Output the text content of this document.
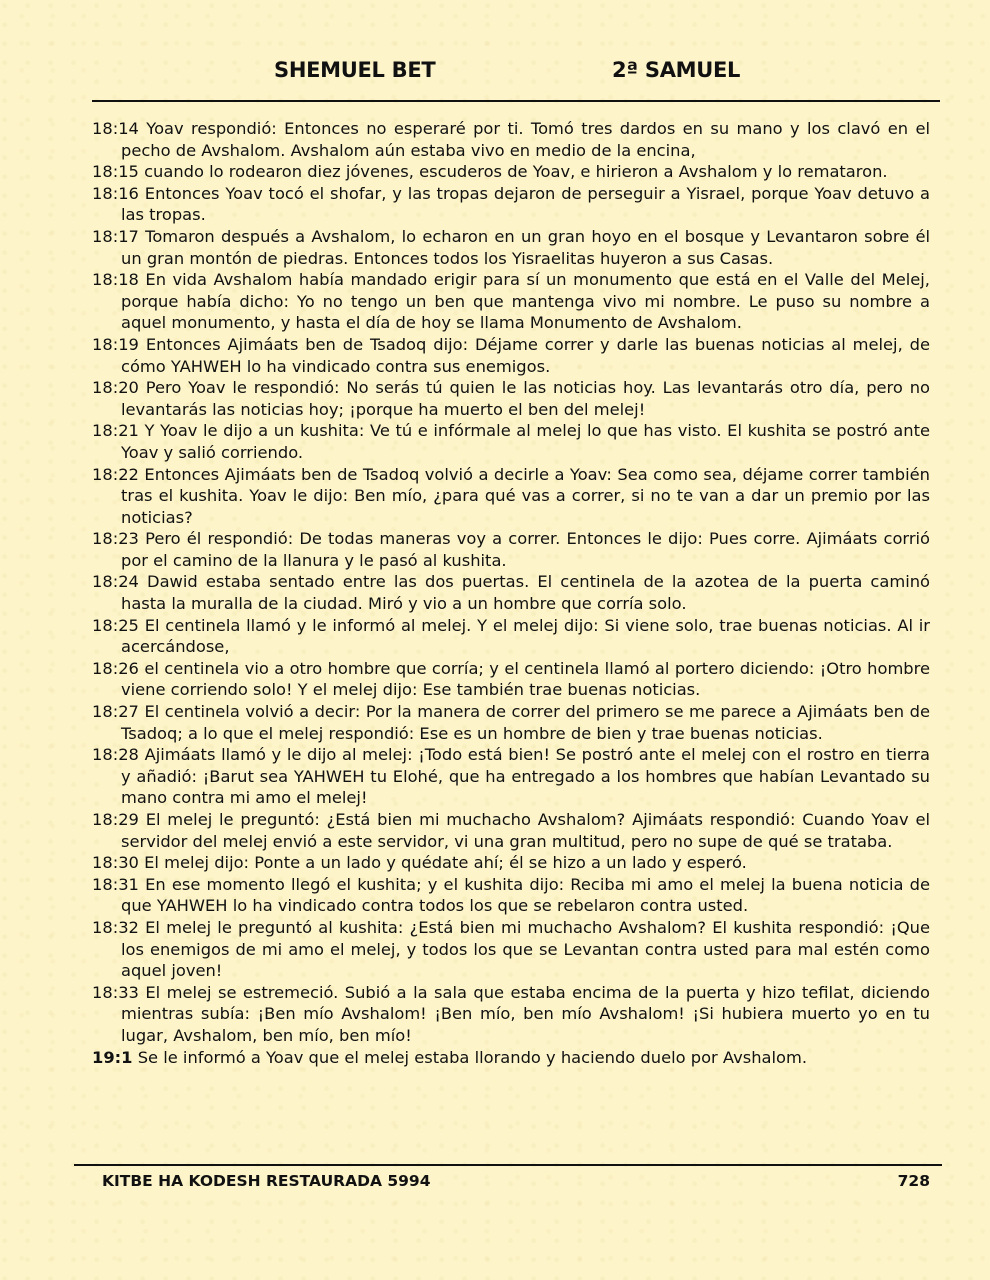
SHEMUEL BET	2ª SAMUEL

18:14 Yoav respondió: Entonces no esperaré por ti. Tomó tres dardos en su mano y los clavó en el pecho de Avshalom. Avshalom aún estaba vivo en medio de la encina,

18:15 cuando lo rodearon diez jóvenes, escuderos de Yoav, e hirieron a Avshalom y lo remataron.

18:16 Entonces Yoav tocó el shofar, y las tropas dejaron de perseguir a Yisrael, porque Yoav detuvo a las tropas.

18:17 Tomaron después a Avshalom, lo echaron en un gran hoyo en el bosque y Levantaron sobre él un gran montón de piedras. Entonces todos los Yisraelitas huyeron a sus Casas.

18:18 En vida Avshalom había mandado erigir para sí un monumento que está en el Valle del Melej, porque había dicho: Yo no tengo un ben que mantenga vivo mi nombre. Le puso su nombre a aquel monumento, y hasta el día de hoy se llama Monumento de Avshalom.

18:19 Entonces Ajimáats ben de Tsadoq dijo: Déjame correr y darle las buenas noticias al melej, de cómo YAHWEH lo ha vindicado contra sus enemigos.

18:20 Pero Yoav le respondió: No serás tú quien le las noticias hoy. Las levantarás otro día, pero no levantarás las noticias hoy; ¡porque ha muerto el ben del melej!

18:21 Y Yoav le dijo a un kushita: Ve tú e infórmale al melej lo que has visto. El kushita se postró ante Yoav y salió corriendo.

18:22 Entonces Ajimáats ben de Tsadoq volvió a decirle a Yoav: Sea como sea, déjame correr también tras el kushita. Yoav le dijo: Ben mío, ¿para qué vas a correr, si no te van a dar un premio por las noticias?

18:23 Pero él respondió: De todas maneras voy a correr. Entonces le dijo: Pues corre. Ajimáats corrió por el camino de la llanura y le pasó al kushita.

18:24 Dawid estaba sentado entre las dos puertas. El centinela de la azotea de la puerta caminó hasta la muralla de la ciudad. Miró y vio a un hombre que corría solo.

18:25 El centinela llamó y le informó al melej. Y el melej dijo: Si viene solo, trae buenas noticias. Al ir acercándose,

18:26 el centinela vio a otro hombre que corría; y el centinela llamó al portero diciendo: ¡Otro hombre viene corriendo solo! Y el melej dijo: Ese también trae buenas noticias.

18:27 El centinela volvió a decir: Por la manera de correr del primero se me parece a Ajimáats ben de Tsadoq; a lo que el melej respondió: Ese es un hombre de bien y trae buenas noticias.

18:28 Ajimáats llamó y le dijo al melej: ¡Todo está bien! Se postró ante el melej con el rostro en tierra y añadió: ¡Barut sea YAHWEH tu Elohé, que ha entregado a los hombres que habían Levantado su mano contra mi amo el melej!

18:29 El melej le preguntó: ¿Está bien mi muchacho Avshalom? Ajimáats respondió: Cuando Yoav el servidor del melej envió a este servidor, vi una gran multitud, pero no supe de qué se trataba.

18:30 El melej dijo: Ponte a un lado y quédate ahí; él se hizo a un lado y esperó.

18:31 En ese momento llegó el kushita; y el kushita dijo: Reciba mi amo el melej la buena noticia de que YAHWEH lo ha vindicado contra todos los que se rebelaron contra usted.

18:32 El melej le preguntó al kushita: ¿Está bien mi muchacho Avshalom? El kushita respondió: ¡Que los enemigos de mi amo el melej, y todos los que se Levantan contra usted para mal estén como aquel joven!

18:33 El melej se estremeció. Subió a la sala que estaba encima de la puerta y hizo tefilat, diciendo mientras subía: ¡Ben mío Avshalom! ¡Ben mío, ben mío Avshalom! ¡Si hubiera muerto yo en tu lugar, Avshalom, ben mío, ben mío!

19:1 Se le informó a Yoav que el melej estaba llorando y haciendo duelo por Avshalom.

KITBE HA KODESH RESTAURADA 5994	728
